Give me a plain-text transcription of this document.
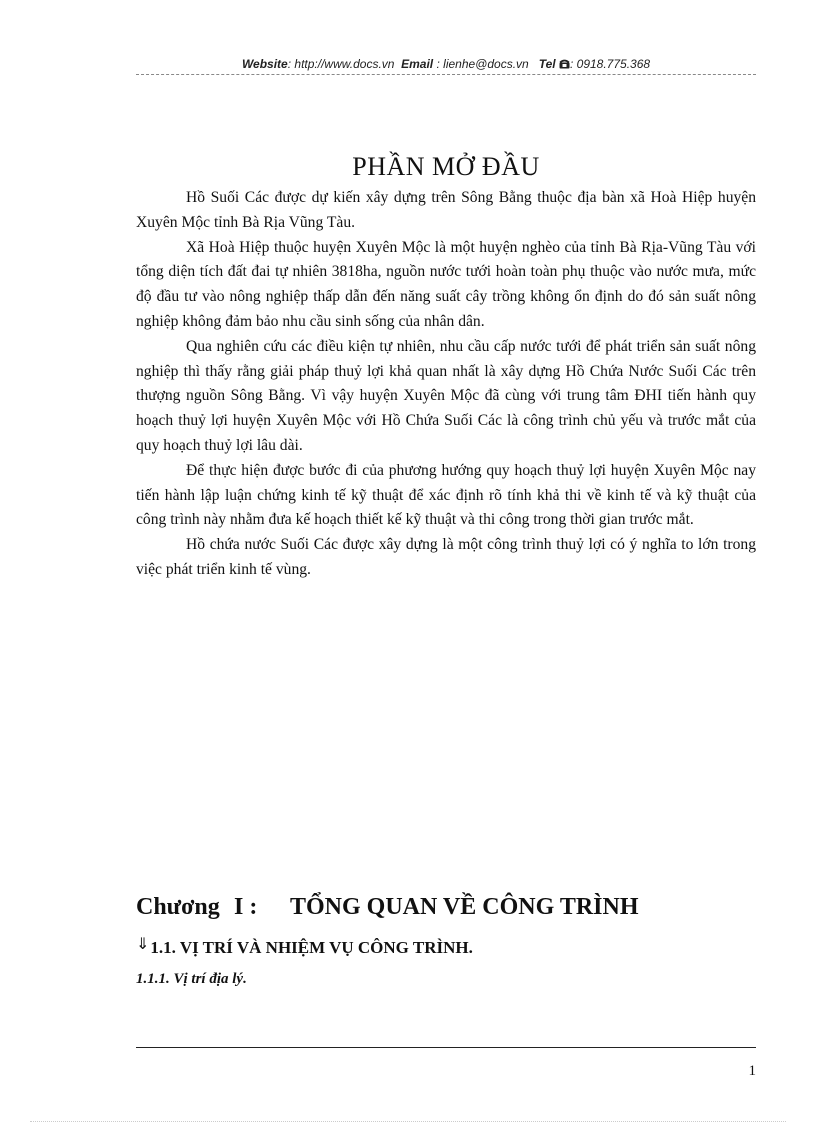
Website: http://www.docs.vn Email : lienhe@docs.vn Tel : 0918.775.368
PHẦN MỞ ĐẦU

Hồ Suối Các được dự kiến xây dựng trên Sông Bằng thuộc địa bàn xã Hoà Hiệp huyện Xuyên Mộc tỉnh Bà Rịa Vũng Tàu.

Xã Hoà Hiệp thuộc huyện Xuyên Mộc là một huyện nghèo của tỉnh Bà Rịa-Vũng Tàu với tổng diện tích đất đai tự nhiên 3818ha, nguồn nước tưới hoàn toàn phụ thuộc vào nước mưa, mức độ đầu tư vào nông nghiệp thấp dẫn đến năng suất cây trồng không ổn định do đó sản suất nông nghiệp không đảm bảo nhu cầu sinh sống của nhân dân.

Qua nghiên cứu các điều kiện tự nhiên, nhu cầu cấp nước tưới để phát triển sản suất nông nghiệp thì thấy rằng giải pháp thuỷ lợi khả quan nhất là xây dựng Hồ Chứa Nước Suối Các trên thượng nguồn Sông Bằng. Vì vậy huyện Xuyên Mộc đã cùng với trung tâm ĐHI tiến hành quy hoạch thuỷ lợi huyện Xuyên Mộc với Hồ Chứa Suối Các là công trình chủ yếu và trước mắt của quy hoạch thuỷ lợi lâu dài.

Để thực hiện được bước đi của phương hướng quy hoạch thuỷ lợi huyện Xuyên Mộc nay tiến hành lập luận chứng kinh tế kỹ thuật để xác định rõ tính khả thi về kinh tế và kỹ thuật của công trình này nhằm đưa kế hoạch thiết kế kỹ thuật và thi công trong thời gian trước mắt.

Hồ chứa nước Suối Các được xây dựng là một công trình thuỷ lợi có ý nghĩa to lớn trong việc phát triển kinh tế vùng.

Chương I : TỔNG QUAN VỀ CÔNG TRÌNH
⇓1.1. VỊ TRÍ VÀ NHIỆM VỤ CÔNG TRÌNH.
1.1.1. Vị trí địa lý.
1
